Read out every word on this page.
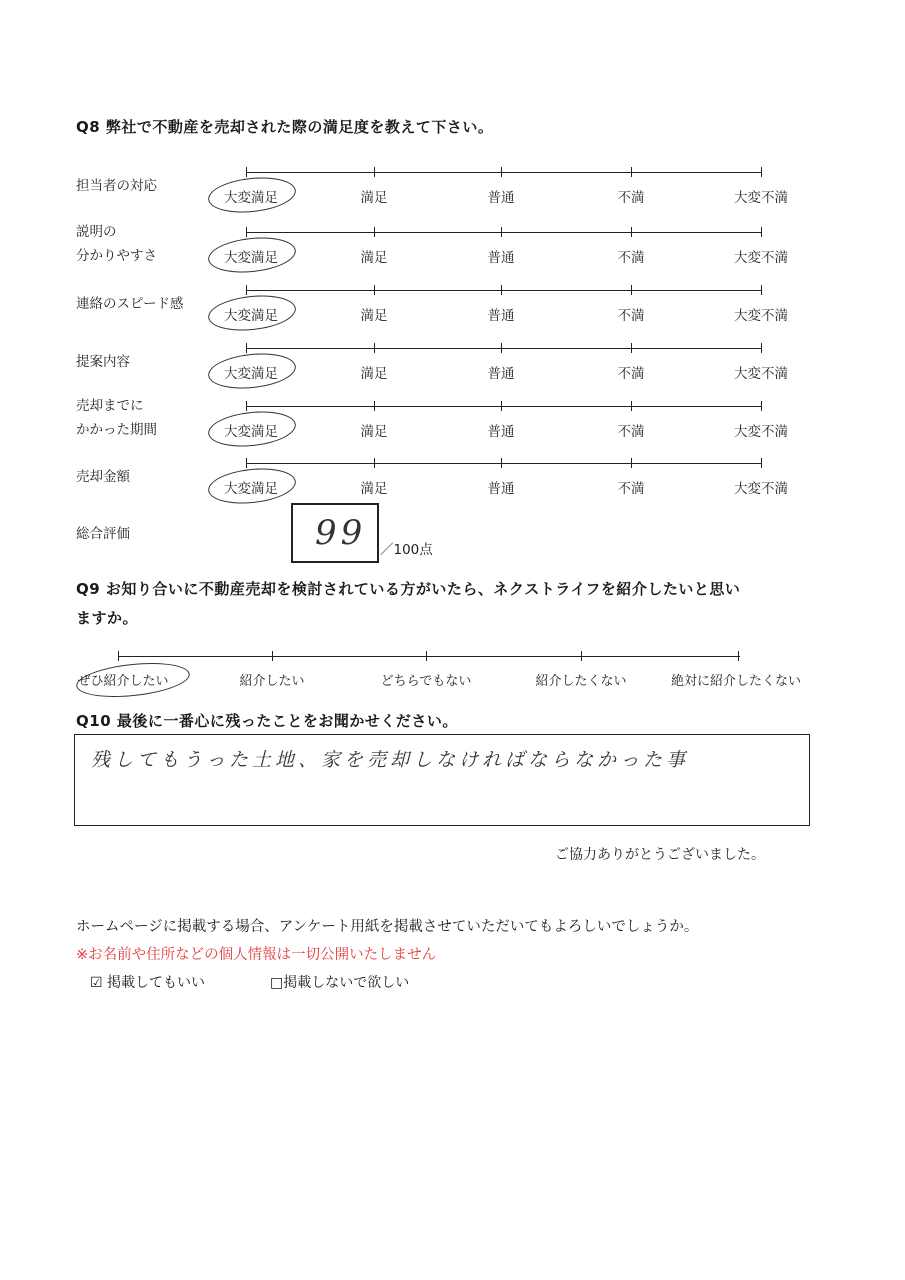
Q8 弊社で不動産を売却された際の満足度を教えて下さい。
担当者の対応
大変満足	満足	普通	不満	大変不満
説明の
分かりやすさ	大変満足	満足	普通	不満	大変不満
連絡のスピード感
大変満足	満足	普通	不満	大変不満
提案内容
大変満足	満足	普通	不満	大変不満
売却までに
かかった期間	大変満足	満足	普通	不満	大変不満
売却金額
大変満足	満足	普通	不満	大変不満
総合評価	99 ／100点
Q9 お知り合いに不動産売却を検討されている方がいたら、ネクストライフを紹介したいと思い
ますか。
ぜひ紹介したい	紹介したい	どちらでもない	紹介したくない	絶対に紹介したくない
Q10 最後に一番心に残ったことをお聞かせください。
残してもうった土地、家を売却しなければならなかった事
ご協力ありがとうございました。
ホームページに掲載する場合、アンケート用紙を掲載させていただいてもよろしいでしょうか。
※お名前や住所などの個人情報は一切公開いたしません
☑ 掲載してもいい	□掲載しないで欲しい
